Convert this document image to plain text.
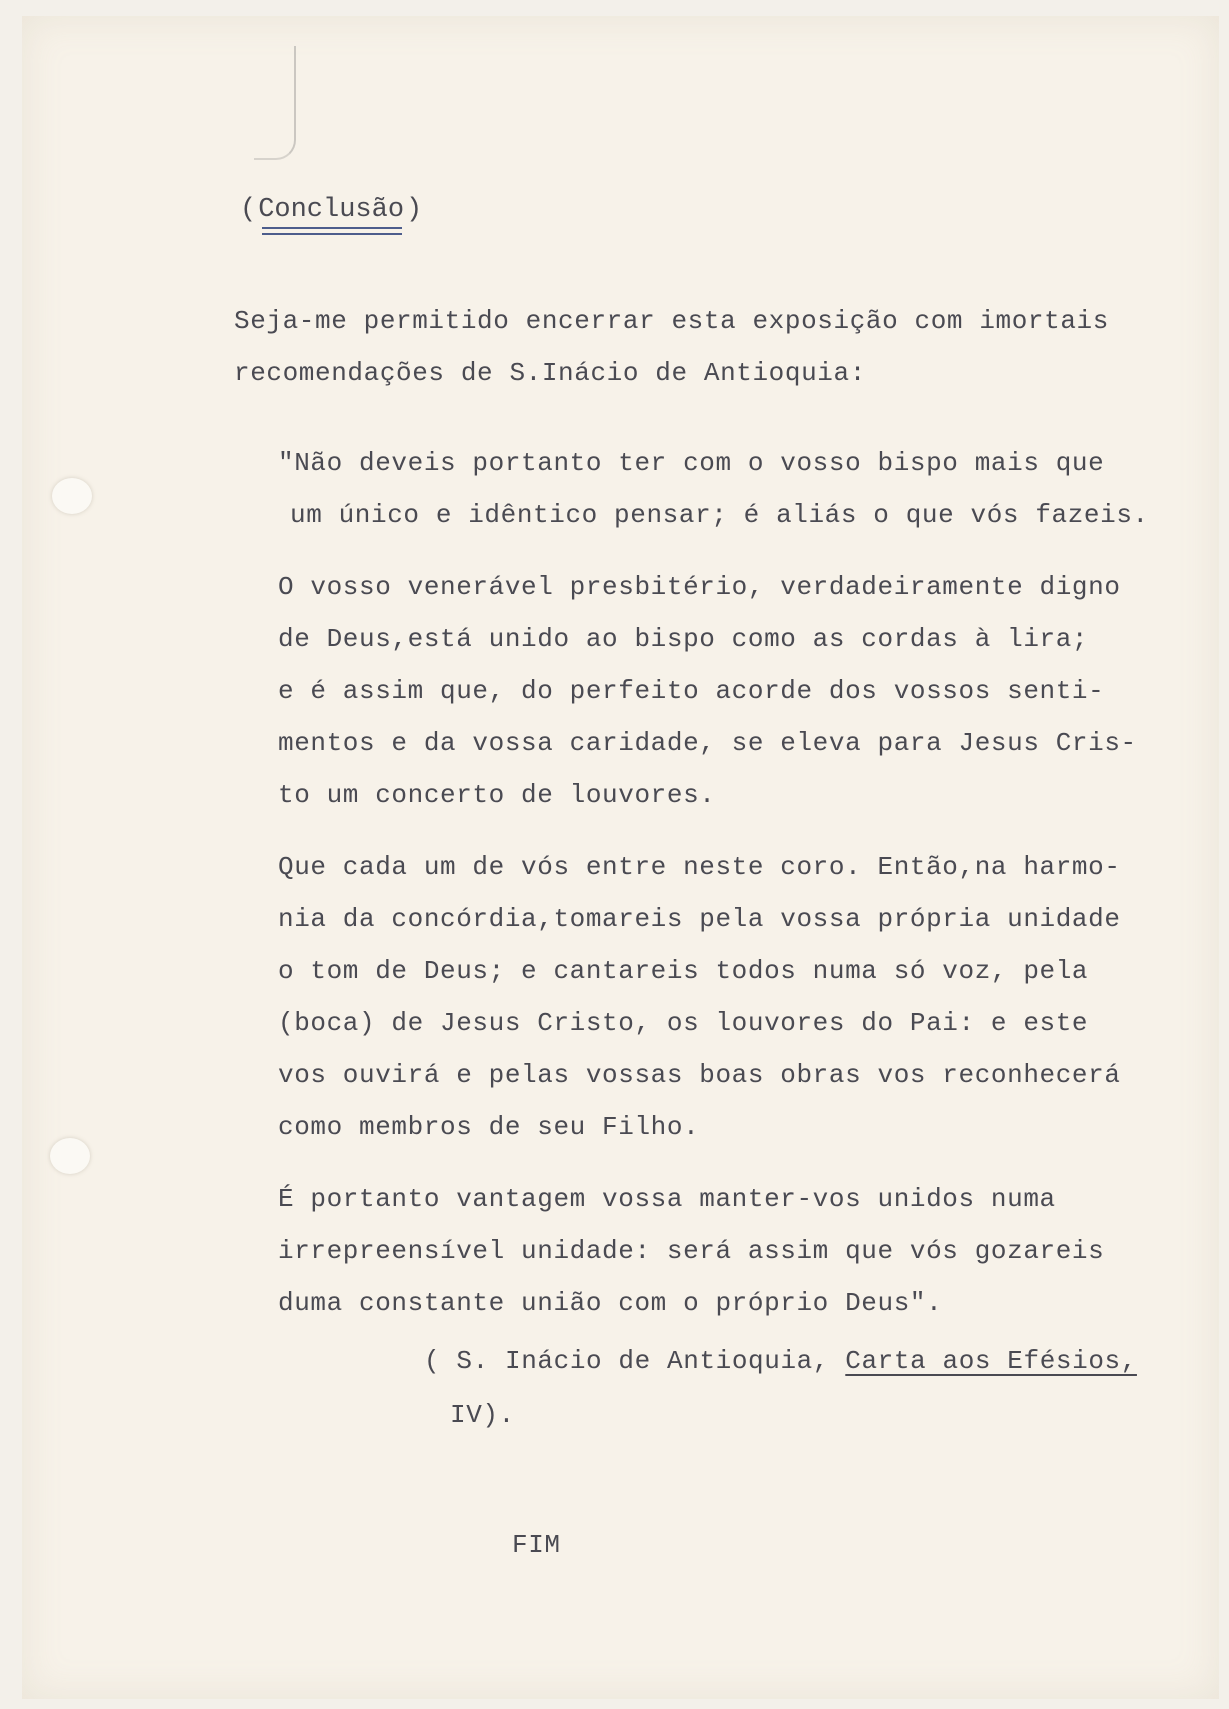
(Conclusão)
Seja-me permitido encerrar esta exposição com imortais
recomendações de S.Inácio de Antioquia:
"Não deveis portanto ter com o vosso bispo mais que
um único e idêntico pensar; é aliás o que vós fazeis.
O vosso venerável presbitério, verdadeiramente digno
de Deus,está unido ao bispo como as cordas à lira;
e é assim que, do perfeito acorde dos vossos senti-
mentos e da vossa caridade, se eleva para Jesus Cris-
to um concerto de louvores.
Que cada um de vós entre neste coro. Então,na harmo-
nia da concórdia,tomareis pela vossa própria unidade
o tom de Deus; e cantareis todos numa só voz, pela
(boca) de Jesus Cristo, os louvores do Pai: e este
vos ouvirá e pelas vossas boas obras vos reconhecerá
como membros de seu Filho.
É portanto vantagem vossa manter-vos unidos numa
irrepreensível unidade: será assim que vós gozareis
duma constante união com o próprio Deus".
( S. Inácio de Antioquia, Carta aos Efésios,
IV).
FIM
